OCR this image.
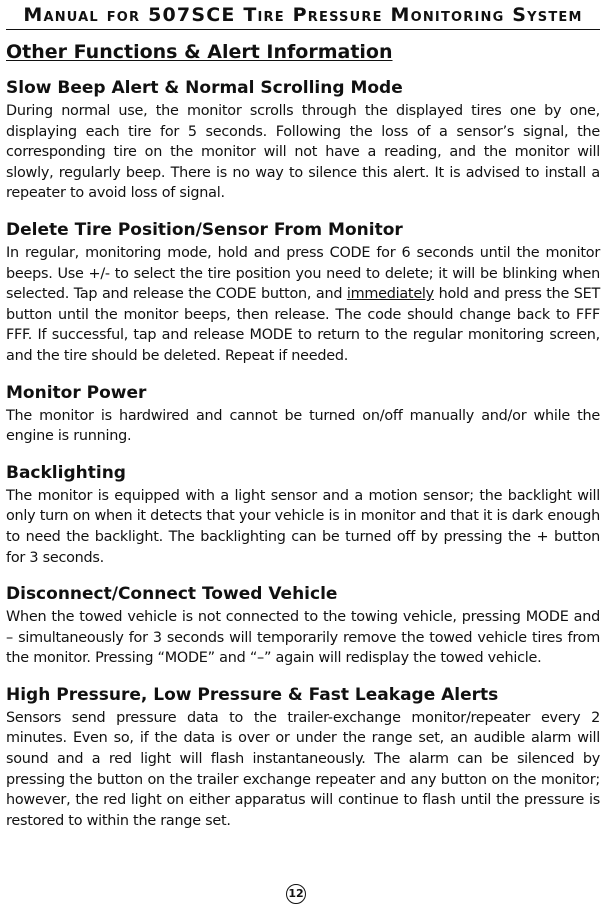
Manual for 507SCE Tire Pressure Monitoring System
Other Functions & Alert Information
Slow Beep Alert & Normal Scrolling Mode

During normal use, the monitor scrolls through the displayed tires one by one, displaying each tire for 5 seconds. Following the loss of a sensor’s signal, the corresponding tire on the monitor will not have a reading, and the monitor will slowly, regularly beep. There is no way to silence this alert. It is advised to install a repeater to avoid loss of signal.

Delete Tire Position/Sensor From Monitor

In regular, monitoring mode, hold and press CODE for 6 seconds until the monitor beeps. Use +/- to select the tire position you need to delete; it will be blinking when selected. Tap and release the CODE button, and immediately hold and press the SET button until the monitor beeps, then release. The code should change back to FFF FFF. If successful, tap and release MODE to return to the regular monitoring screen, and the tire should be deleted. Repeat if needed.

Monitor Power

The monitor is hardwired and cannot be turned on/off manually and/or while the engine is running.

Backlighting

The monitor is equipped with a light sensor and a motion sensor; the backlight will only turn on when it detects that your vehicle is in monitor and that it is dark enough to need the backlight. The backlighting can be turned off by pressing the + button for 3 seconds.

Disconnect/Connect Towed Vehicle

When the towed vehicle is not connected to the towing vehicle, pressing MODE and – simultaneously for 3 seconds will temporarily remove the towed vehicle tires from the monitor. Pressing “MODE” and “–” again will redisplay the towed vehicle.

High Pressure, Low Pressure & Fast Leakage Alerts

Sensors send pressure data to the trailer-exchange monitor/repeater every 2 minutes. Even so, if the data is over or under the range set, an audible alarm will sound and a red light will flash instantaneously. The alarm can be silenced by pressing the button on the trailer exchange repeater and any button on the monitor; however, the red light on either apparatus will continue to flash until the pressure is restored to within the range set.

12
